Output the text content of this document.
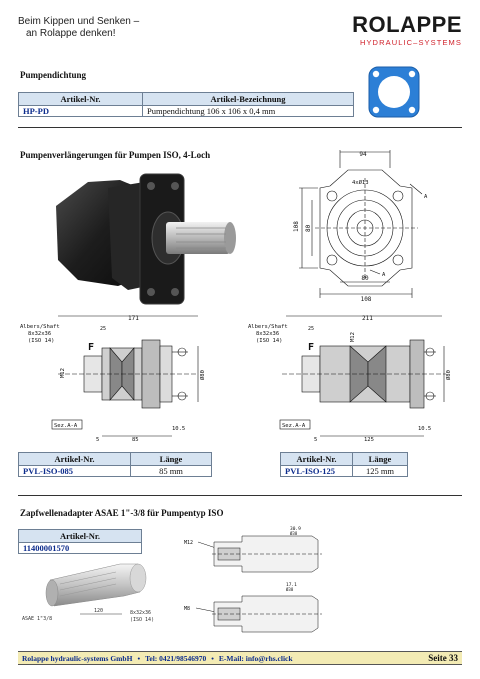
Beim Kippen und Senken –
an Rolappe denken!	ROLAPPE
HYDRAULIC–SYSTEMS
Pumpendichtung
Artikel-Nr.	Artikel-Bezeichnung
HP-PD	Pumpendichtung 106 x 106 x 0,4 mm
Pumpenverlängerungen für Pumpen ISO, 4-Loch	94
4xØ13
A
108 80
80
108
A
Albers/Shaft
8x32x36
(ISO 14)
F
171
25
M12	Ø80
Sez.A-A
5	85
10.5
Albers/Shaft
8x32x36
(ISO 14)
F
211
25
M12
Ø80
Sez.A-A
5	125
10.5
Artikel-Nr.	Länge
PVL-ISO-085	85 mm
Artikel-Nr.	Länge
PVL-ISO-125	125 mm
Zapfwellenadapter ASAE 1"-3/8 für Pumpentyp ISO
Artikel-Nr.
11400001570
ASAE 1"3/8
120	8x32x36
(ISO 14)
M12
30.9
Ø38
M8
17.1
Ø38
Rolappe hydraulic-systems GmbH • Tel: 0421/98546970 • E-Mail: info@rhs.click	Seite 33
